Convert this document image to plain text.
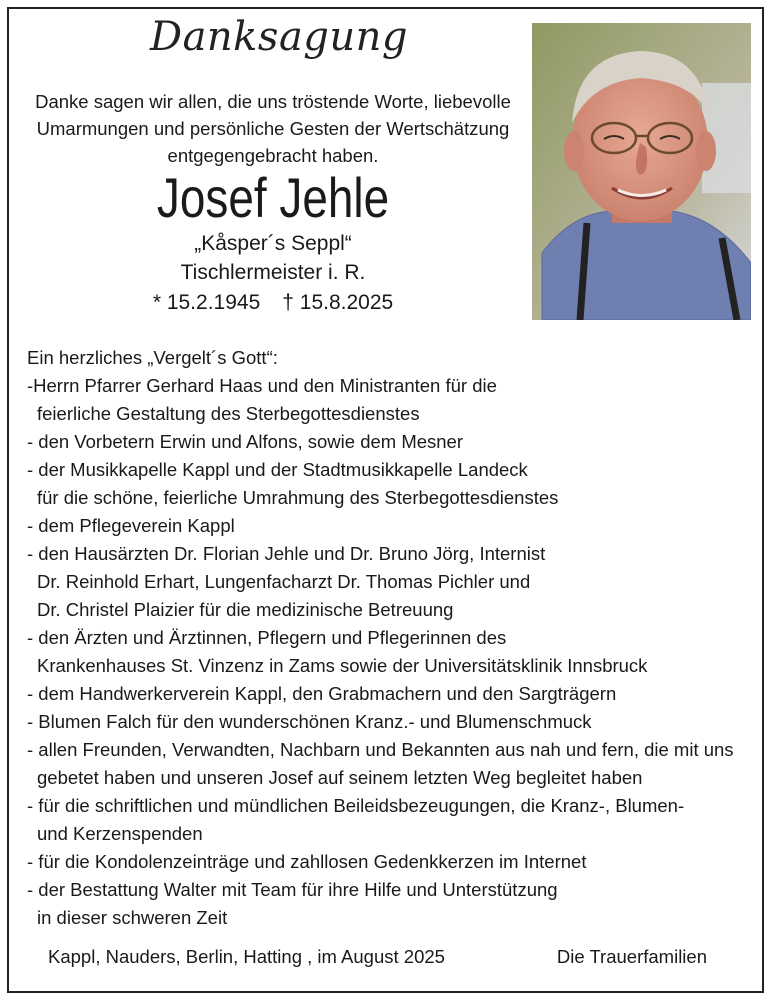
Danksagung
Danke sagen wir allen, die uns tröstende Worte, liebevolle
Umarmungen und persönliche Gesten der Wertschätzung
entgegengebracht haben.
Josef Jehle
„Kåsper´s Seppl“
Tischlermeister i. R.
* 15.2.1945 † 15.8.2025
Ein herzliches „Vergelt´s Gott“:
-Herrn Pfarrer Gerhard Haas und den Ministranten für die
feierliche Gestaltung des Sterbegottesdienstes
- den Vorbetern Erwin und Alfons, sowie dem Mesner
- der Musikkapelle Kappl und der Stadtmusikkapelle Landeck
für die schöne, feierliche Umrahmung des Sterbegottesdienstes
- dem Pflegeverein Kappl
- den Hausärzten Dr. Florian Jehle und Dr. Bruno Jörg, Internist
Dr. Reinhold Erhart, Lungenfacharzt Dr. Thomas Pichler und
Dr. Christel Plaizier für die medizinische Betreuung
- den Ärzten und Ärztinnen, Pflegern und Pflegerinnen des
Krankenhauses St. Vinzenz in Zams sowie der Universitätsklinik Innsbruck
- dem Handwerkerverein Kappl, den Grabmachern und den Sargträgern
- Blumen Falch für den wunderschönen Kranz.- und Blumenschmuck
- allen Freunden, Verwandten, Nachbarn und Bekannten aus nah und fern, die mit uns
gebetet haben und unseren Josef auf seinem letzten Weg begleitet haben
- für die schriftlichen und mündlichen Beileidsbezeugungen, die Kranz-, Blumen-
und Kerzenspenden
- für die Kondolenzeinträge und zahllosen Gedenkkerzen im Internet
- der Bestattung Walter mit Team für ihre Hilfe und Unterstützung
in dieser schweren Zeit
Kappl, Nauders, Berlin, Hatting , im August 2025	Die Trauerfamilien
